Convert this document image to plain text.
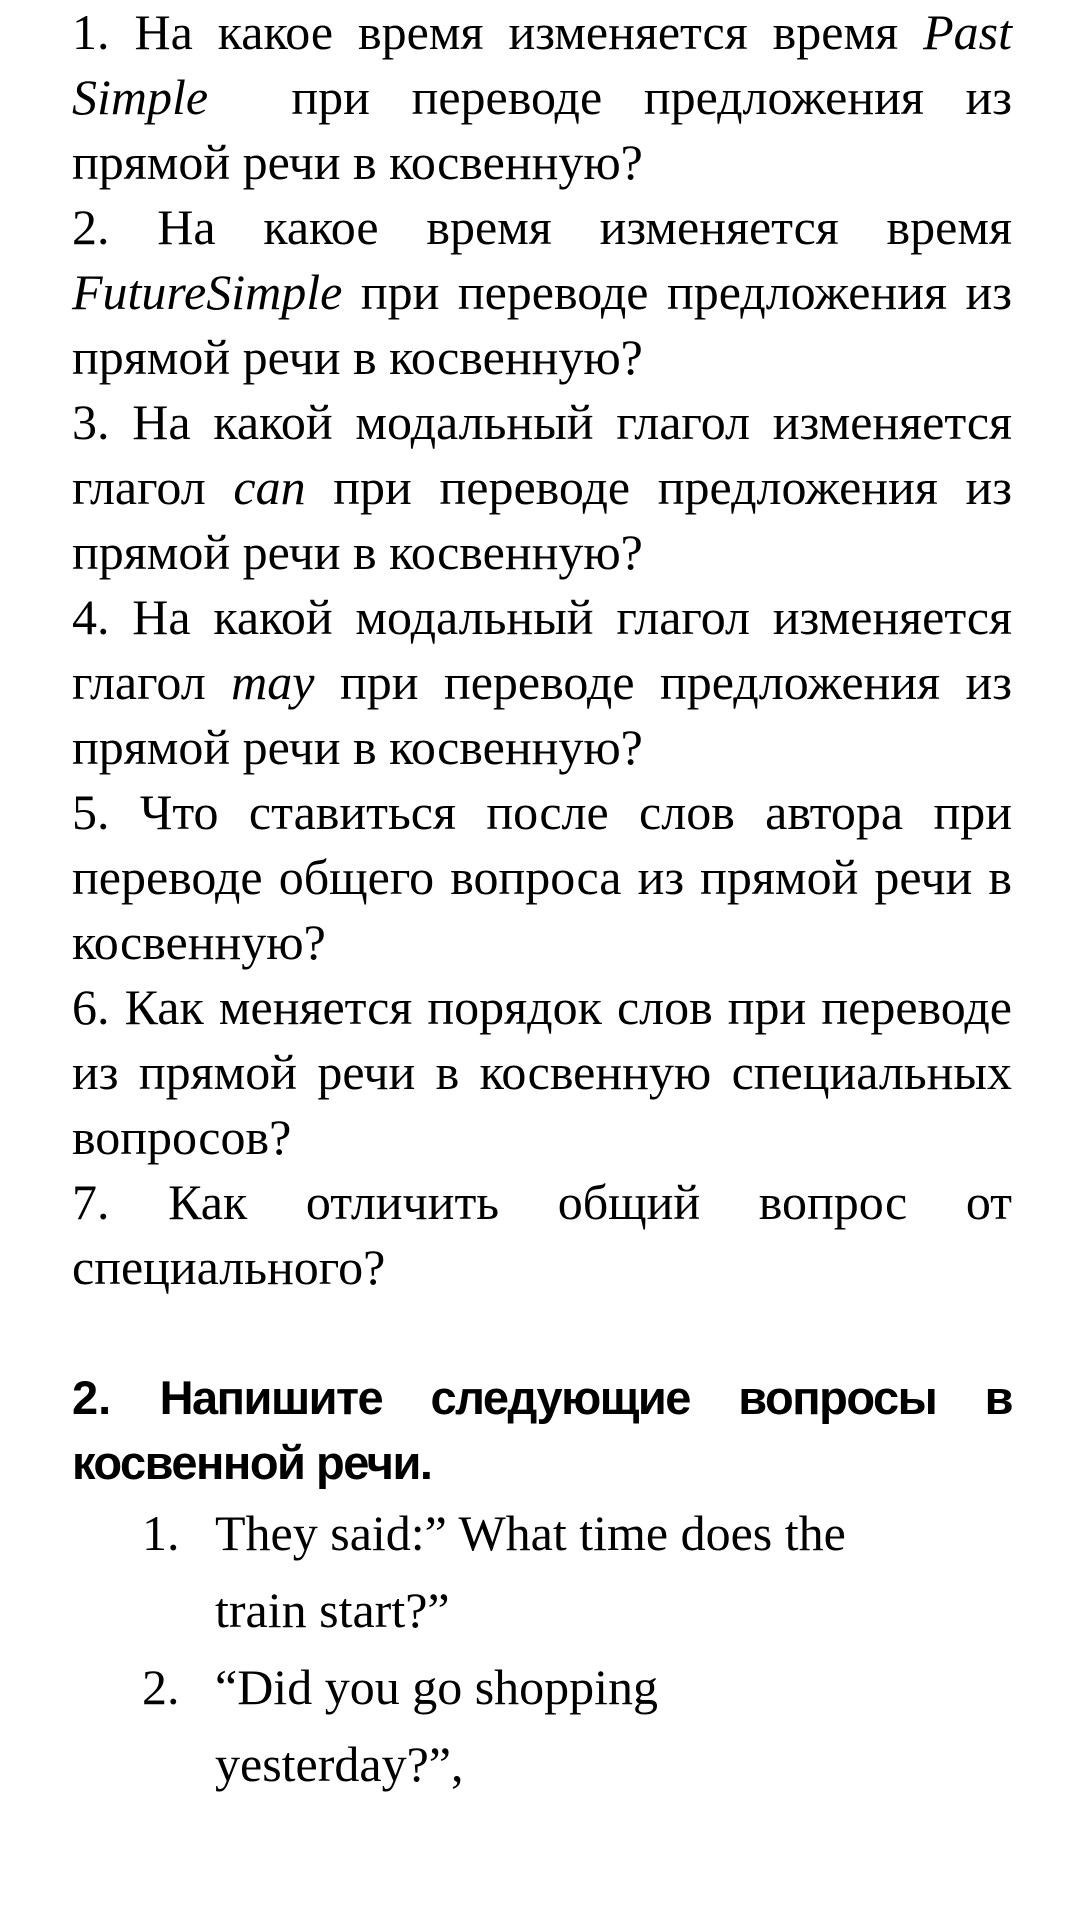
1. На какое время изменяется время Past Simple при переводе предложения из прямой речи в косвенную?

2. На какое время изменяется время FutureSimple при переводе предложения из прямой речи в косвенную?

3. На какой модальный глагол изменяется глагол can при переводе предложения из прямой речи в косвенную?

4. На какой модальный глагол изменяется глагол may при переводе предложения из прямой речи в косвенную?

5. Что ставиться после слов автора при переводе общего вопроса из прямой речи в косвенную?

6. Как меняется порядок слов при переводе из прямой речи в косвенную специальных вопросов?

7. Как отличить общий вопрос от специального?

2. Напишите следующие вопросы в косвенной речи.

1. They said:” What time does the train start?”
2. “Did you go shopping yesterday?”,
